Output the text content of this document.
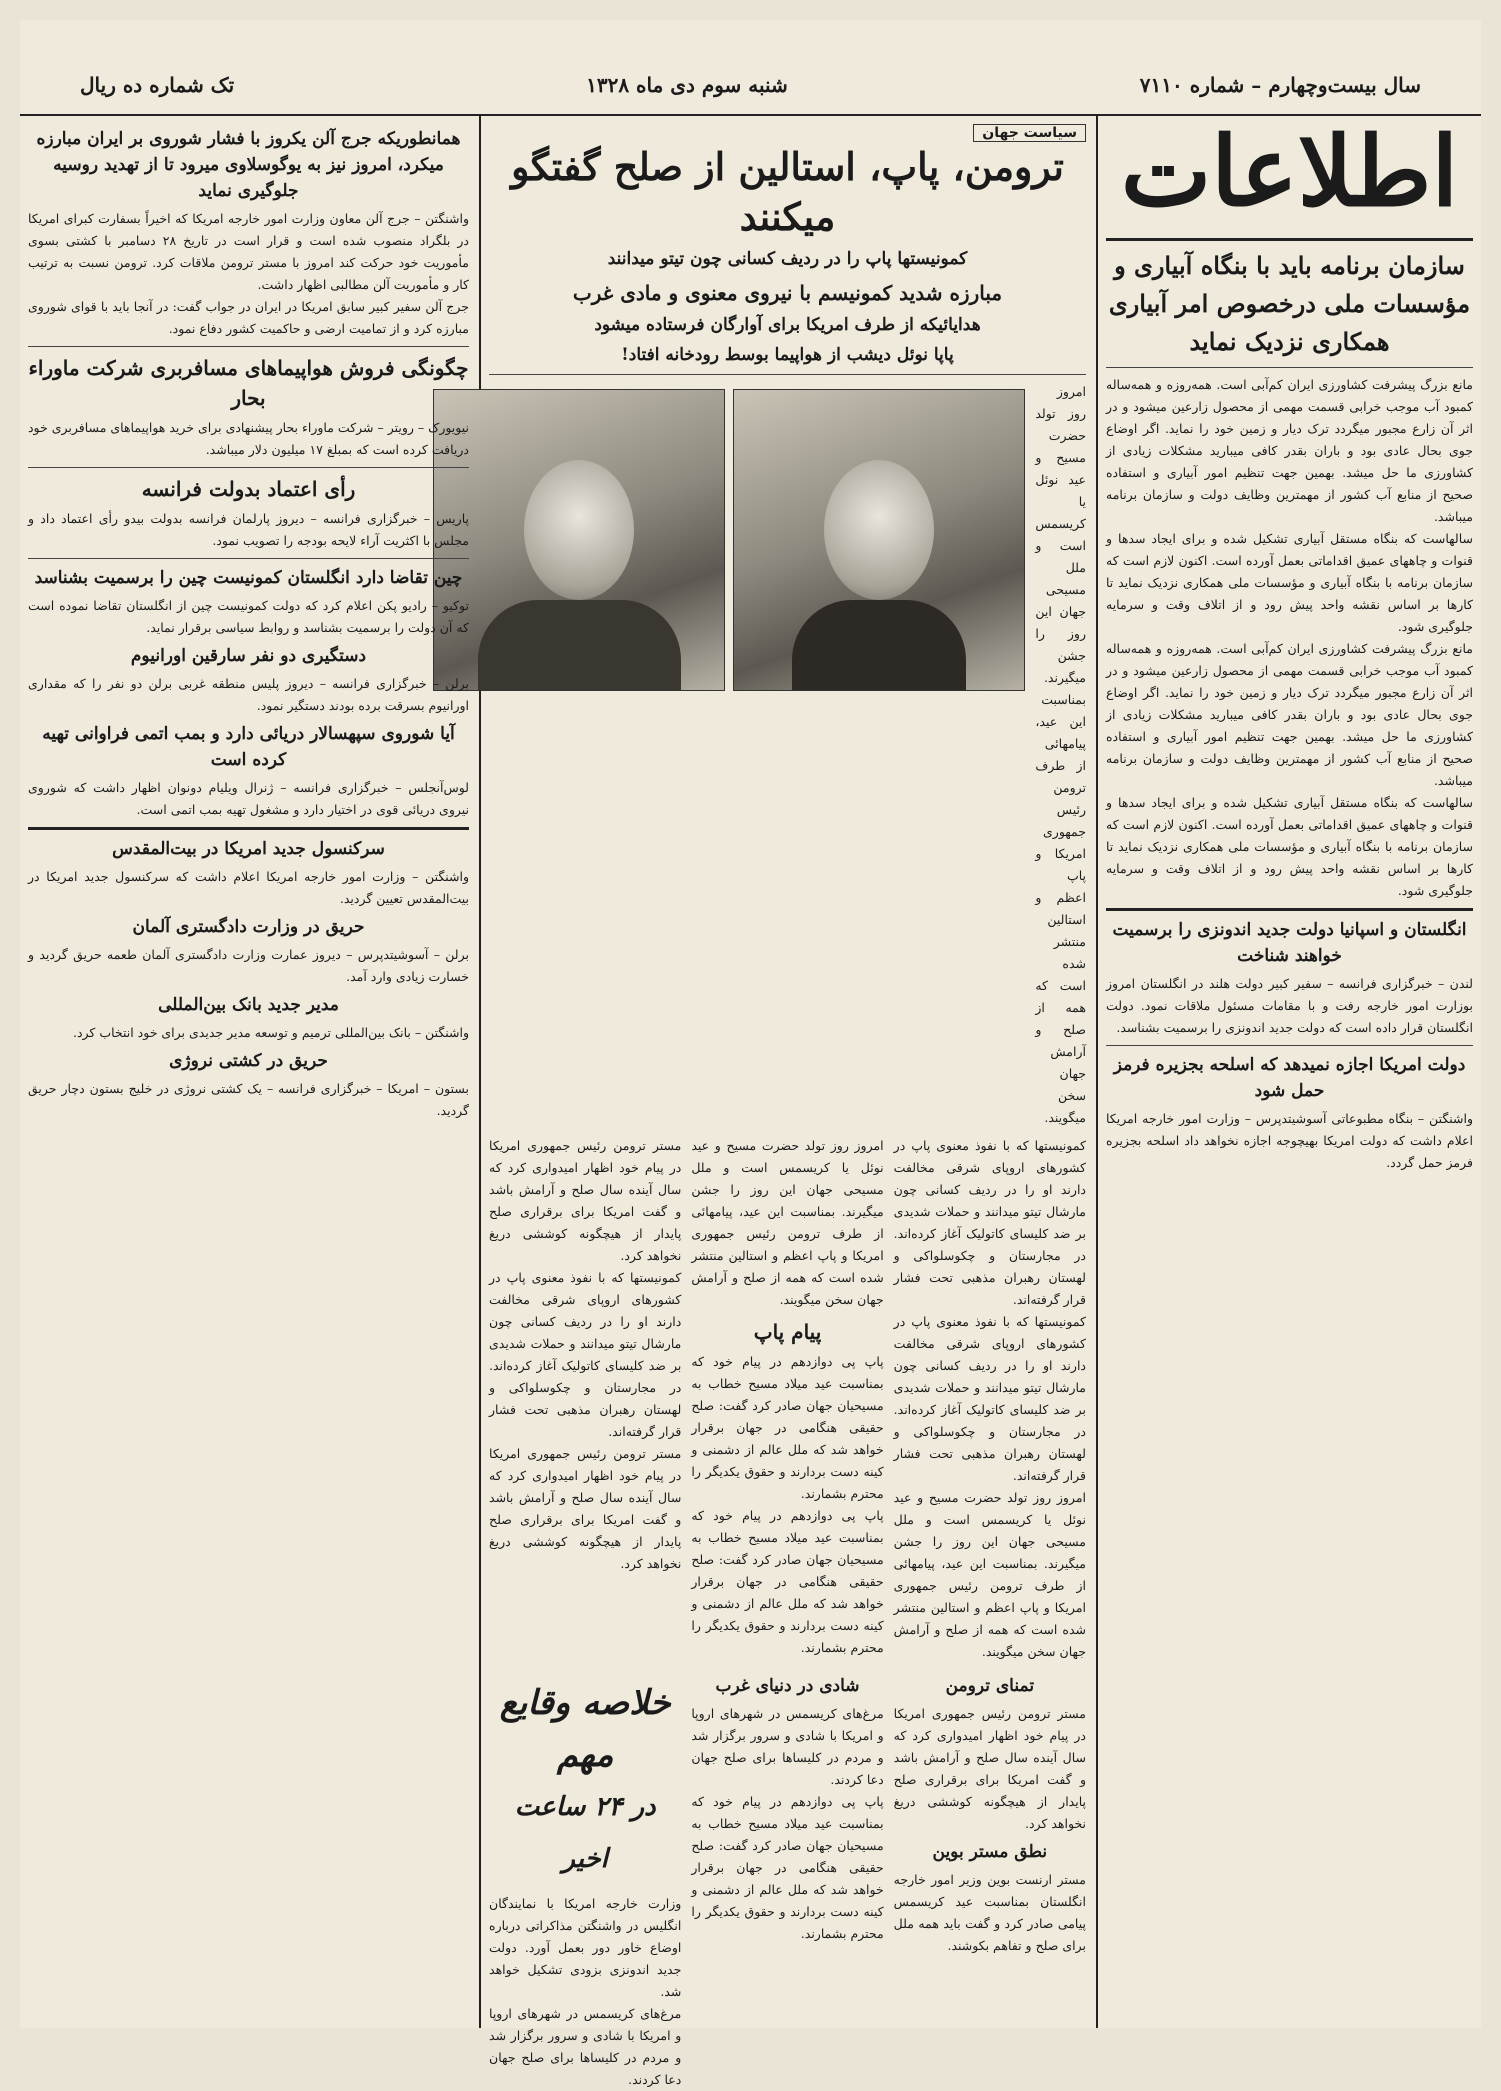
سال بیست‌وچهارم – شماره ۷۱۱۰
شنبه سوم دی ماه ۱۳۲۸
تک شماره ده ریال
اطلاعات
سازمان برنامه باید با بنگاه آبیاری و مؤسسات ملی درخصوص امر آبیاری همکاری نزدیک نماید

مانع بزرگ پیشرفت کشاورزی ایران کم‌آبی است. همه‌روزه و همه‌ساله کمبود آب موجب خرابی قسمت مهمی از محصول زارعین میشود و در اثر آن زارع مجبور میگردد ترک دیار و زمین خود را نماید. اگر اوضاع جوی بحال عادی بود و باران بقدر کافی میبارید مشکلات زیادی از کشاورزی ما حل میشد. بهمین جهت تنظیم امور آبیاری و استفاده صحیح از منابع آب کشور از مهمترین وظایف دولت و سازمان برنامه میباشد.

سالهاست که بنگاه مستقل آبیاری تشکیل شده و برای ایجاد سدها و قنوات و چاههای عمیق اقداماتی بعمل آورده است. اکنون لازم است که سازمان برنامه با بنگاه آبیاری و مؤسسات ملی همکاری نزدیک نماید تا کارها بر اساس نقشه واحد پیش رود و از اتلاف وقت و سرمایه جلوگیری شود.

مانع بزرگ پیشرفت کشاورزی ایران کم‌آبی است. همه‌روزه و همه‌ساله کمبود آب موجب خرابی قسمت مهمی از محصول زارعین میشود و در اثر آن زارع مجبور میگردد ترک دیار و زمین خود را نماید. اگر اوضاع جوی بحال عادی بود و باران بقدر کافی میبارید مشکلات زیادی از کشاورزی ما حل میشد. بهمین جهت تنظیم امور آبیاری و استفاده صحیح از منابع آب کشور از مهمترین وظایف دولت و سازمان برنامه میباشد.

سالهاست که بنگاه مستقل آبیاری تشکیل شده و برای ایجاد سدها و قنوات و چاههای عمیق اقداماتی بعمل آورده است. اکنون لازم است که سازمان برنامه با بنگاه آبیاری و مؤسسات ملی همکاری نزدیک نماید تا کارها بر اساس نقشه واحد پیش رود و از اتلاف وقت و سرمایه جلوگیری شود.

انگلستان و اسپانیا دولت جدید اندونزی را برسمیت خواهند شناخت

لندن – خبرگزاری فرانسه – سفیر کبیر دولت هلند در انگلستان امروز بوزارت امور خارجه رفت و با مقامات مسئول ملاقات نمود. دولت انگلستان قرار داده است که دولت جدید اندونزی را برسمیت بشناسد.

دولت امریکا اجازه نمیدهد که اسلحه بجزیره فرمز حمل شود

واشنگتن – بنگاه مطبوعاتی آسوشیتدپرس – وزارت امور خارجه امریکا اعلام داشت که دولت امریکا بهیچوجه اجازه نخواهد داد اسلحه بجزیره فرمز حمل گردد.

سیاست جهان
ترومن، پاپ، استالین از صلح گفتگو میکنند
کمونیستها پاپ را در ردیف کسانی چون تیتو میدانند
مبارزه شدید کمونیسم با نیروی معنوی و مادی غرب
هدایائیکه از طرف امریکا برای آوارگان فرستاده میشود
پاپا نوئل دیشب از هواپیما بوسط رودخانه افتاد!

امروز روز تولد حضرت مسیح و عید نوئل یا کریسمس است و ملل مسیحی جهان این روز را جشن میگیرند. بمناسبت این عید، پیامهائی از طرف ترومن رئیس جمهوری امریکا و پاپ اعظم و استالین منتشر شده است که همه از صلح و آرامش جهان سخن میگویند.

کمونیستها که با نفوذ معنوی پاپ در کشورهای اروپای شرقی مخالفت دارند او را در ردیف کسانی چون مارشال تیتو میدانند و حملات شدیدی بر ضد کلیسای کاتولیک آغاز کرده‌اند. در مجارستان و چکوسلواکی و لهستان رهبران مذهبی تحت فشار قرار گرفته‌اند.

کمونیستها که با نفوذ معنوی پاپ در کشورهای اروپای شرقی مخالفت دارند او را در ردیف کسانی چون مارشال تیتو میدانند و حملات شدیدی بر ضد کلیسای کاتولیک آغاز کرده‌اند. در مجارستان و چکوسلواکی و لهستان رهبران مذهبی تحت فشار قرار گرفته‌اند.

امروز روز تولد حضرت مسیح و عید نوئل یا کریسمس است و ملل مسیحی جهان این روز را جشن میگیرند. بمناسبت این عید، پیامهائی از طرف ترومن رئیس جمهوری امریکا و پاپ اعظم و استالین منتشر شده است که همه از صلح و آرامش جهان سخن میگویند.

امروز روز تولد حضرت مسیح و عید نوئل یا کریسمس است و ملل مسیحی جهان این روز را جشن میگیرند. بمناسبت این عید، پیامهائی از طرف ترومن رئیس جمهوری امریکا و پاپ اعظم و استالین منتشر شده است که همه از صلح و آرامش جهان سخن میگویند.

پیام پاپ

پاپ پی دوازدهم در پیام خود که بمناسبت عید میلاد مسیح خطاب به مسیحیان جهان صادر کرد گفت: صلح حقیقی هنگامی در جهان برقرار خواهد شد که ملل عالم از دشمنی و کینه دست بردارند و حقوق یکدیگر را محترم بشمارند.

پاپ پی دوازدهم در پیام خود که بمناسبت عید میلاد مسیح خطاب به مسیحیان جهان صادر کرد گفت: صلح حقیقی هنگامی در جهان برقرار خواهد شد که ملل عالم از دشمنی و کینه دست بردارند و حقوق یکدیگر را محترم بشمارند.

مستر ترومن رئیس جمهوری امریکا در پیام خود اظهار امیدواری کرد که سال آینده سال صلح و آرامش باشد و گفت امریکا برای برقراری صلح پایدار از هیچگونه کوششی دریغ نخواهد کرد.

کمونیستها که با نفوذ معنوی پاپ در کشورهای اروپای شرقی مخالفت دارند او را در ردیف کسانی چون مارشال تیتو میدانند و حملات شدیدی بر ضد کلیسای کاتولیک آغاز کرده‌اند. در مجارستان و چکوسلواکی و لهستان رهبران مذهبی تحت فشار قرار گرفته‌اند.

مستر ترومن رئیس جمهوری امریکا در پیام خود اظهار امیدواری کرد که سال آینده سال صلح و آرامش باشد و گفت امریکا برای برقراری صلح پایدار از هیچگونه کوششی دریغ نخواهد کرد.

تمنای ترومن

مستر ترومن رئیس جمهوری امریکا در پیام خود اظهار امیدواری کرد که سال آینده سال صلح و آرامش باشد و گفت امریکا برای برقراری صلح پایدار از هیچگونه کوششی دریغ نخواهد کرد.

نطق مستر بوین

مستر ارنست بوین وزیر امور خارجه انگلستان بمناسبت عید کریسمس پیامی صادر کرد و گفت باید همه ملل برای صلح و تفاهم بکوشند.

شادی در دنیای غرب

مرغ‌های کریسمس در شهرهای اروپا و امریکا با شادی و سرور برگزار شد و مردم در کلیساها برای صلح جهان دعا کردند.

پاپ پی دوازدهم در پیام خود که بمناسبت عید میلاد مسیح خطاب به مسیحیان جهان صادر کرد گفت: صلح حقیقی هنگامی در جهان برقرار خواهد شد که ملل عالم از دشمنی و کینه دست بردارند و حقوق یکدیگر را محترم بشمارند.

خلاصه وقایع مهم
در ۲۴ ساعت اخیر

وزارت خارجه امریکا با نمایندگان انگلیس در واشنگتن مذاکراتی درباره اوضاع خاور دور بعمل آورد. دولت جدید اندونزی بزودی تشکیل خواهد شد.

مرغ‌های کریسمس در شهرهای اروپا و امریکا با شادی و سرور برگزار شد و مردم در کلیساها برای صلح جهان دعا کردند.

همانطوریکه جرج آلن یکروز با فشار شوروی بر ایران مبارزه میکرد، امروز نیز به یوگوسلاوی میرود تا از تهدید روسیه جلوگیری نماید

واشنگتن – جرج آلن معاون وزارت امور خارجه امریکا که اخیراً بسفارت کبرای امریکا در بلگراد منصوب شده است و قرار است در تاریخ ۲۸ دسامبر با کشتی بسوی مأموریت خود حرکت کند امروز با مستر ترومن ملاقات کرد. ترومن نسبت به ترتیب کار و مأموریت آلن مطالبی اظهار داشت.

جرج آلن سفیر کبیر سابق امریکا در ایران در جواب گفت: در آنجا باید با قوای شوروی مبارزه کرد و از تمامیت ارضی و حاکمیت کشور دفاع نمود.

چگونگی فروش هواپیماهای مسافربری شرکت ماوراء بحار

نیویورک – رویتر – شرکت ماوراء بحار پیشنهادی برای خرید هواپیماهای مسافربری خود دریافت کرده است که بمبلغ ۱۷ میلیون دلار میباشد.

رأی اعتماد بدولت فرانسه

پاریس – خبرگزاری فرانسه – دیروز پارلمان فرانسه بدولت بیدو رأی اعتماد داد و مجلس با اکثریت آراء لایحه بودجه را تصویب نمود.

چین تقاضا دارد انگلستان کمونیست چین را برسمیت بشناسد

توکیو – رادیو پکن اعلام کرد که دولت کمونیست چین از انگلستان تقاضا نموده است که آن دولت را برسمیت بشناسد و روابط سیاسی برقرار نماید.

دستگیری دو نفر سارقین اورانیوم

برلن – خبرگزاری فرانسه – دیروز پلیس منطقه غربی برلن دو نفر را که مقداری اورانیوم بسرقت برده بودند دستگیر نمود.

آیا شوروی سپهسالار دریائی دارد و بمب اتمی فراوانی تهیه کرده است

لوس‌آنجلس – خبرگزاری فرانسه – ژنرال ویلیام دونوان اظهار داشت که شوروی نیروی دریائی قوی در اختیار دارد و مشغول تهیه بمب اتمی است.

سرکنسول جدید امریکا در بیت‌المقدس

واشنگتن – وزارت امور خارجه امریکا اعلام داشت که سرکنسول جدید امریکا در بیت‌المقدس تعیین گردید.

حریق در وزارت دادگستری آلمان

برلن – آسوشیتدپرس – دیروز عمارت وزارت دادگستری آلمان طعمه حریق گردید و خسارت زیادی وارد آمد.

مدیر جدید بانک بین‌المللی

واشنگتن – بانک بین‌المللی ترمیم و توسعه مدیر جدیدی برای خود انتخاب کرد.

حریق در کشتی نروژی

بستون – امریکا – خبرگزاری فرانسه – یک کشتی نروژی در خلیج بستون دچار حریق گردید.
